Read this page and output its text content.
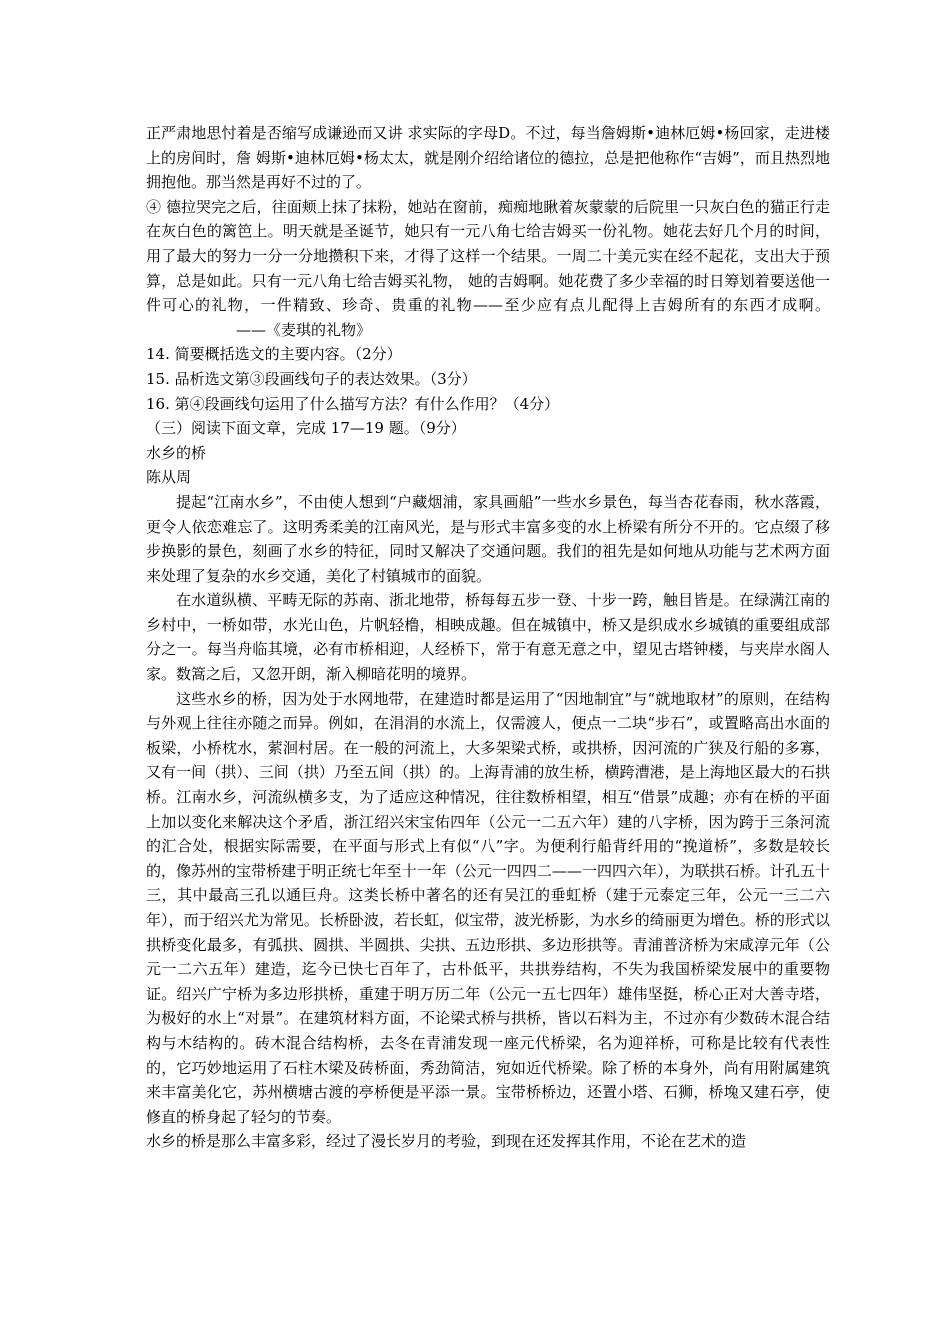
正严肃地思忖着是否缩写成谦逊而又讲 求实际的字母D。不过，每当詹姆斯•迪林厄姆•杨回家，走进楼上的房间时，詹 姆斯•迪林厄姆•杨太太，就是刚介绍给诸位的德拉，总是把他称作“吉姆”，而且热烈地拥抱他。那当然是再好不过的了。

④ 德拉哭完之后，往面颊上抹了抹粉，她站在窗前，痴痴地瞅着灰蒙蒙的后院里一只灰白色的猫正行走在灰白色的篱笆上。明天就是圣诞节，她只有一元八角七给吉姆买一份礼物。她花去好几个月的时间，用了最大的努力一分一分地攒积下来，才得了这样一个结果。一周二十美元实在经不起花，支出大于预算，总是如此。只有一元八角七给吉姆买礼物， 她的吉姆啊。她花费了多少幸福的时日筹划着要送他一件可心的礼物，一件精致、珍奇、贵重的礼物——至少应有点儿配得上吉姆所有的东西才成啊。——《麦琪的礼物》

14. 简要概括选文的主要内容。（2分）

15. 品析选文第③段画线句子的表达效果。（3分）

16. 第④段画线句运用了什么描写方法？有什么作用？（4分）

（三）阅读下面文章，完成 17—19 题。（9分）

水乡的桥

陈从周

提起“江南水乡”，不由使人想到“户藏烟浦，家具画船”一些水乡景色，每当杏花春雨，秋水落霞，更令人依恋难忘了。这明秀柔美的江南风光，是与形式丰富多变的水上桥梁有所分不开的。它点缀了移步换影的景色，刻画了水乡的特征，同时又解决了交通问题。我们的祖先是如何地从功能与艺术两方面来处理了复杂的水乡交通，美化了村镇城市的面貌。

在水道纵横、平畴无际的苏南、浙北地带，桥每每五步一登、十步一跨，触目皆是。在绿满江南的乡村中，一桥如带，水光山色，片帆轻橹，相映成趣。但在城镇中，桥又是织成水乡城镇的重要组成部分之一。每当舟临其境，必有市桥相迎，人经桥下，常于有意无意之中，望见古塔钟楼，与夹岸水阁人家。数篙之后，又忽开朗，渐入柳暗花明的境界。

这些水乡的桥，因为处于水网地带，在建造时都是运用了“因地制宜”与“就地取材”的原则，在结构与外观上往往亦随之而异。例如，在涓涓的水流上，仅需渡人，便点一二块“步石”，或置略高出水面的板梁，小桥枕水，萦洄村居。在一般的河流上，大多架梁式桥，或拱桥，因河流的广狭及行船的多寡，又有一间（拱）、三间（拱）乃至五间（拱）的。上海青浦的放生桥，横跨漕港，是上海地区最大的石拱桥。江南水乡，河流纵横多支，为了适应这种情况，往往数桥相望，相互“借景”成趣；亦有在桥的平面上加以变化来解决这个矛盾，浙江绍兴宋宝佑四年（公元一二五六年）建的八字桥，因为跨于三条河流的汇合处，根据实际需要，在平面与形式上有似“八”字。为便利行船背纤用的“挽道桥”，多数是较长的，像苏州的宝带桥建于明正统七年至十一年（公元一四四二——一四四六年），为联拱石桥。计孔五十三，其中最高三孔以通巨舟。这类长桥中著名的还有吴江的垂虹桥（建于元泰定三年，公元一三二六年），而于绍兴尤为常见。长桥卧波，若长虹，似宝带，波光桥影，为水乡的绮丽更为增色。桥的形式以拱桥变化最多，有弧拱、圆拱、半圆拱、尖拱、五边形拱、多边形拱等。青浦普济桥为宋咸淳元年（公元一二六五年）建造，迄今已快七百年了，古朴低平，共拱券结构，不失为我国桥梁发展中的重要物证。绍兴广宁桥为多边形拱桥，重建于明万历二年（公元一五七四年）雄伟坚挺，桥心正对大善寺塔，为极好的水上“对景”。在建筑材料方面，不论梁式桥与拱桥，皆以石料为主，不过亦有少数砖木混合结构与木结构的。砖木混合结构桥，去冬在青浦发现一座元代桥梁，名为迎祥桥，可称是比较有代表性的，它巧妙地运用了石柱木梁及砖桥面，秀劲简洁，宛如近代桥梁。除了桥的本身外，尚有用附属建筑来丰富美化它，苏州横塘古渡的亭桥便是平添一景。宝带桥桥边，还置小塔、石狮，桥堍又建石亭，使修直的桥身起了轻匀的节奏。

水乡的桥是那么丰富多彩，经过了漫长岁月的考验，到现在还发挥其作用，不论在艺术的造
